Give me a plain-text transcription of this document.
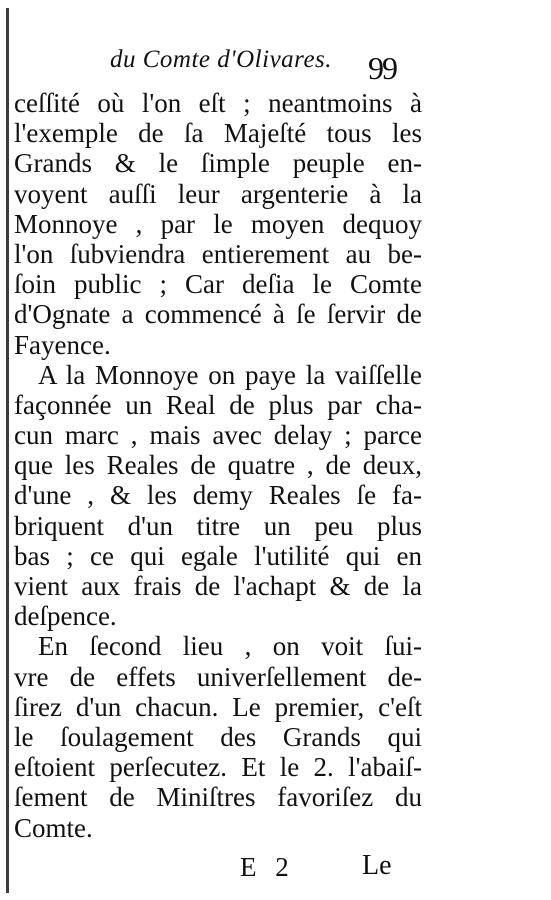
du Comte d'Olivares.	99
ceſſité où l'on eſt ; neantmoins à
l'exemple de ſa Majeſté tous les
Grands & le ſimple peuple en-
voyent auſſi leur argenterie à la
Monnoye , par le moyen dequoy
l'on ſubviendra entierement au be-
ſoin public ; Car deſia le Comte
d'Ognate a commencé à ſe ſervir de
Fayence.
A la Monnoye on paye la vaiſſelle
façonnée un Real de plus par cha-
cun marc , mais avec delay ; parce
que les Reales de quatre , de deux,
d'une , & les demy Reales ſe fa-
briquent d'un titre un peu plus
bas ; ce qui egale l'utilité qui en
vient aux frais de l'achapt & de la
deſpence.
En ſecond lieu , on voit ſui-
vre de effets univerſellement de-
ſirez d'un chacun. Le premier, c'eſt
le ſoulagement des Grands qui
eſtoient perſecutez. Et le 2. l'abaiſ-
ſement de Miniſtres favoriſez du
Comte.
E 2 Le
